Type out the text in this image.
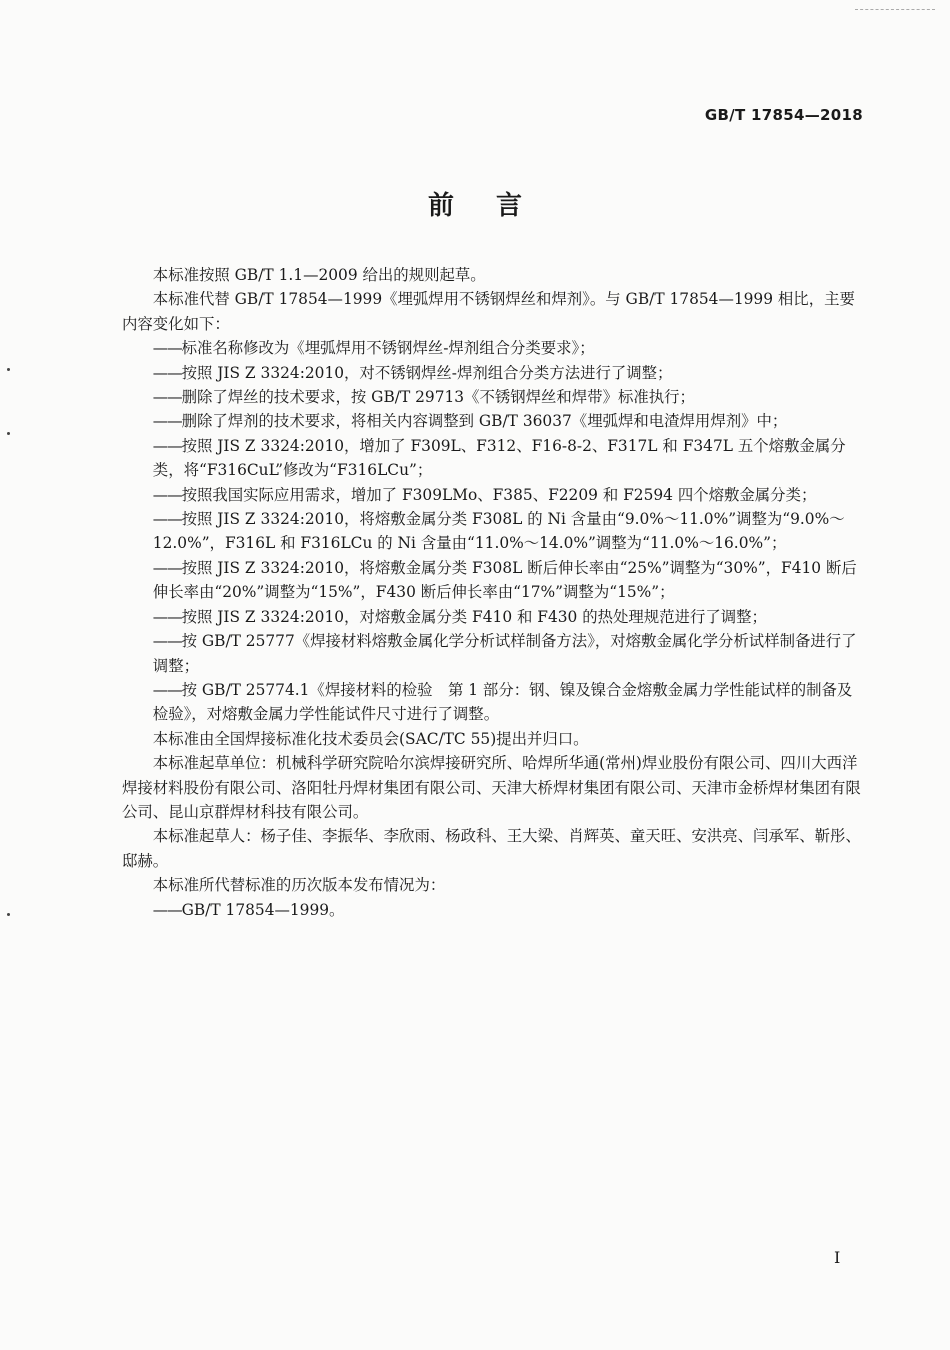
GB/T 17854—2018
前言

本标准按照 GB/T 1.1—2009 给出的规则起草。

本标准代替 GB/T 17854—1999《埋弧焊用不锈钢焊丝和焊剂》。与 GB/T 17854—1999 相比，主要内容变化如下：

——标准名称修改为《埋弧焊用不锈钢焊丝-焊剂组合分类要求》；

——按照 JIS Z 3324:2010，对不锈钢焊丝-焊剂组合分类方法进行了调整；

——删除了焊丝的技术要求，按 GB/T 29713《不锈钢焊丝和焊带》标准执行；

——删除了焊剂的技术要求，将相关内容调整到 GB/T 36037《埋弧焊和电渣焊用焊剂》中；

——按照 JIS Z 3324:2010，增加了 F309L、F312、F16-8-2、F317L 和 F347L 五个熔敷金属分类，将“F316CuL”修改为“F316LCu”；

——按照我国实际应用需求，增加了 F309LMo、F385、F2209 和 F2594 四个熔敷金属分类；

——按照 JIS Z 3324:2010，将熔敷金属分类 F308L 的 Ni 含量由“9.0%～11.0%”调整为“9.0%～12.0%”，F316L 和 F316LCu 的 Ni 含量由“11.0%～14.0%”调整为“11.0%～16.0%”；

——按照 JIS Z 3324:2010，将熔敷金属分类 F308L 断后伸长率由“25%”调整为“30%”，F410 断后伸长率由“20%”调整为“15%”，F430 断后伸长率由“17%”调整为“15%”；

——按照 JIS Z 3324:2010，对熔敷金属分类 F410 和 F430 的热处理规范进行了调整；

——按 GB/T 25777《焊接材料熔敷金属化学分析试样制备方法》，对熔敷金属化学分析试样制备进行了调整；

——按 GB/T 25774.1《焊接材料的检验　第 1 部分：钢、镍及镍合金熔敷金属力学性能试样的制备及检验》，对熔敷金属力学性能试件尺寸进行了调整。

本标准由全国焊接标准化技术委员会(SAC/TC 55)提出并归口。

本标准起草单位：机械科学研究院哈尔滨焊接研究所、哈焊所华通(常州)焊业股份有限公司、四川大西洋焊接材料股份有限公司、洛阳牡丹焊材集团有限公司、天津大桥焊材集团有限公司、天津市金桥焊材集团有限公司、昆山京群焊材科技有限公司。

本标准起草人：杨子佳、李振华、李欣雨、杨政科、王大梁、肖辉英、童天旺、安洪亮、闫承军、靳彤、邸赫。

本标准所代替标准的历次版本发布情况为：

——GB/T 17854—1999。

I
